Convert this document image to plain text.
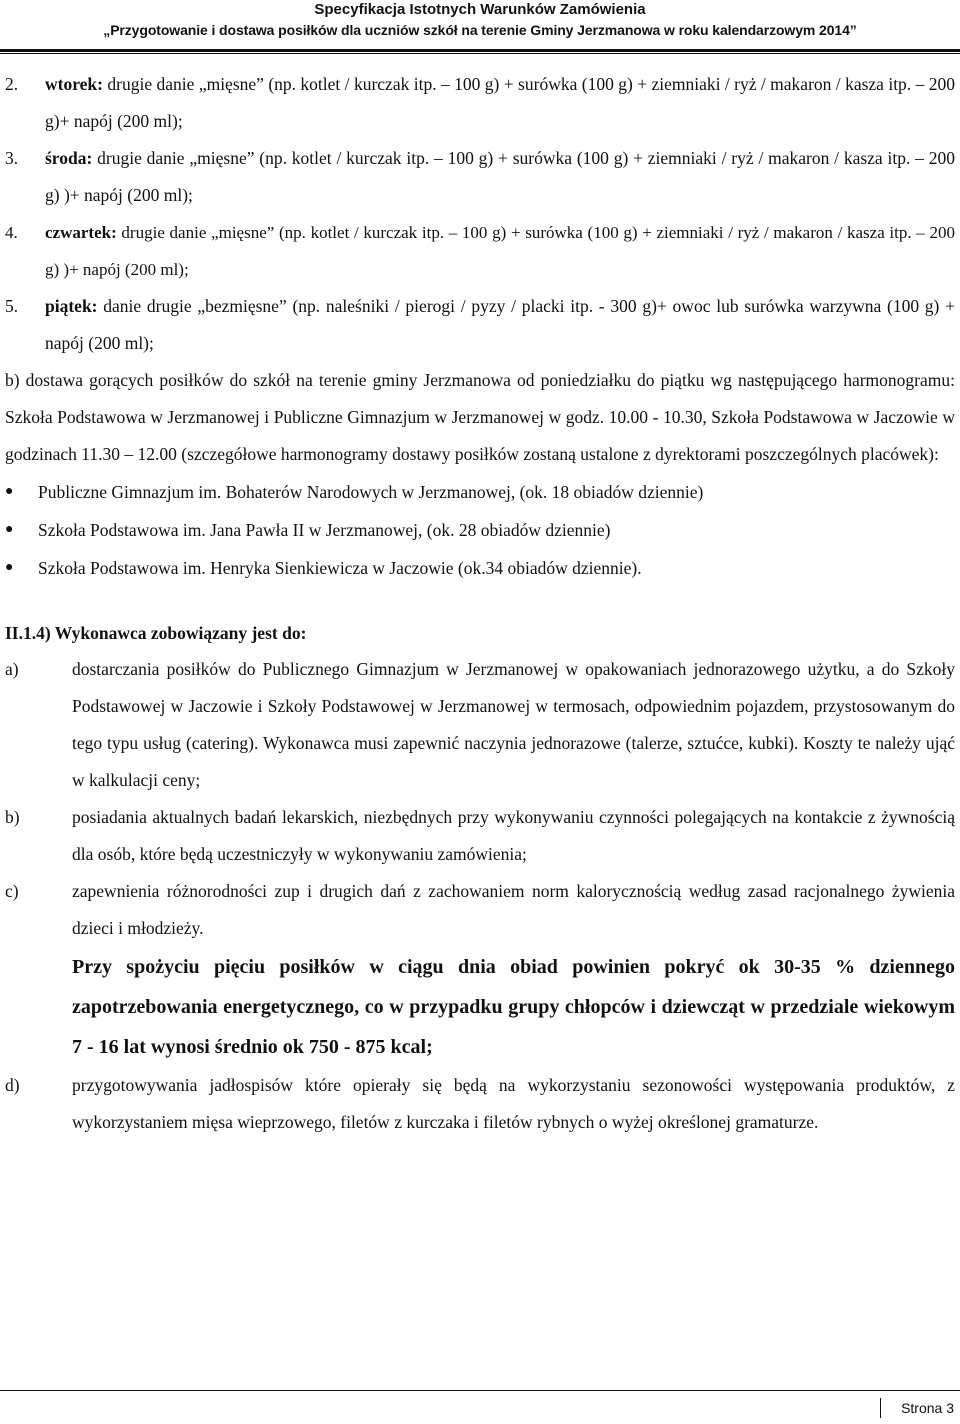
Specyfikacja Istotnych Warunków Zamówienia
„Przygotowanie i dostawa posiłków dla uczniów szkół na terenie Gminy Jerzmanowa w roku kalendarzowym 2014”
2.	wtorek: drugie danie „mięsne” (np. kotlet / kurczak itp. – 100 g) + surówka (100 g) + ziemniaki / ryż / makaron / kasza itp. – 200 g)+ napój (200 ml);
3.	środa: drugie danie „mięsne” (np. kotlet / kurczak itp. – 100 g) + surówka (100 g) + ziemniaki / ryż / makaron / kasza itp. – 200 g) )+ napój (200 ml);
4.	czwartek: drugie danie „mięsne” (np. kotlet / kurczak itp. – 100 g) + surówka (100 g) + ziemniaki / ryż / makaron / kasza itp. – 200 g) )+ napój (200 ml);
5.	piątek: danie drugie „bezmięsne” (np. naleśniki / pierogi / pyzy / placki itp. - 300 g)+ owoc lub surówka warzywna (100 g) + napój (200 ml);

b) dostawa gorących posiłków do szkół na terenie gminy Jerzmanowa od poniedziałku do piątku wg następującego harmonogramu: Szkoła Podstawowa w Jerzmanowej i Publiczne Gimnazjum w Jerzmanowej w godz. 10.00 - 10.30, Szkoła Podstawowa w Jaczowie w godzinach 11.30 – 12.00 (szczegółowe harmonogramy dostawy posiłków zostaną ustalone z dyrektorami poszczególnych placówek):

●	Publiczne Gimnazjum im. Bohaterów Narodowych w Jerzmanowej, (ok. 18 obiadów dziennie)
●	Szkoła Podstawowa im. Jana Pawła II w Jerzmanowej, (ok. 28 obiadów dziennie)
●	Szkoła Podstawowa im. Henryka Sienkiewicza w Jaczowie (ok.34 obiadów dziennie).
II.1.4) Wykonawca zobowiązany jest do:
a)	dostarczania posiłków do Publicznego Gimnazjum w Jerzmanowej w opakowaniach jednorazowego użytku, a do Szkoły Podstawowej w Jaczowie i Szkoły Podstawowej w Jerzmanowej w termosach, odpowiednim pojazdem, przystosowanym do tego typu usług (catering). Wykonawca musi zapewnić naczynia jednorazowe (talerze, sztućce, kubki). Koszty te należy ująć w kalkulacji ceny;
b)	posiadania aktualnych badań lekarskich, niezbędnych przy wykonywaniu czynności polegających na kontakcie z żywnością dla osób, które będą uczestniczyły w wykonywaniu zamówienia;
c)	zapewnienia różnorodności zup i drugich dań z zachowaniem norm kalorycznością według zasad racjonalnego żywienia dzieci i młodzieży.
Przy spożyciu pięciu posiłków w ciągu dnia obiad powinien pokryć ok 30-35 % dziennego zapotrzebowania energetycznego, co w przypadku grupy chłopców i dziewcząt w przedziale wiekowym 7 - 16 lat wynosi średnio ok 750 - 875 kcal;
d)	przygotowywania jadłospisów które opierały się będą na wykorzystaniu sezonowości występowania produktów, z wykorzystaniem mięsa wieprzowego, filetów z kurczaka i filetów rybnych o wyżej określonej gramaturze.
Strona 3
